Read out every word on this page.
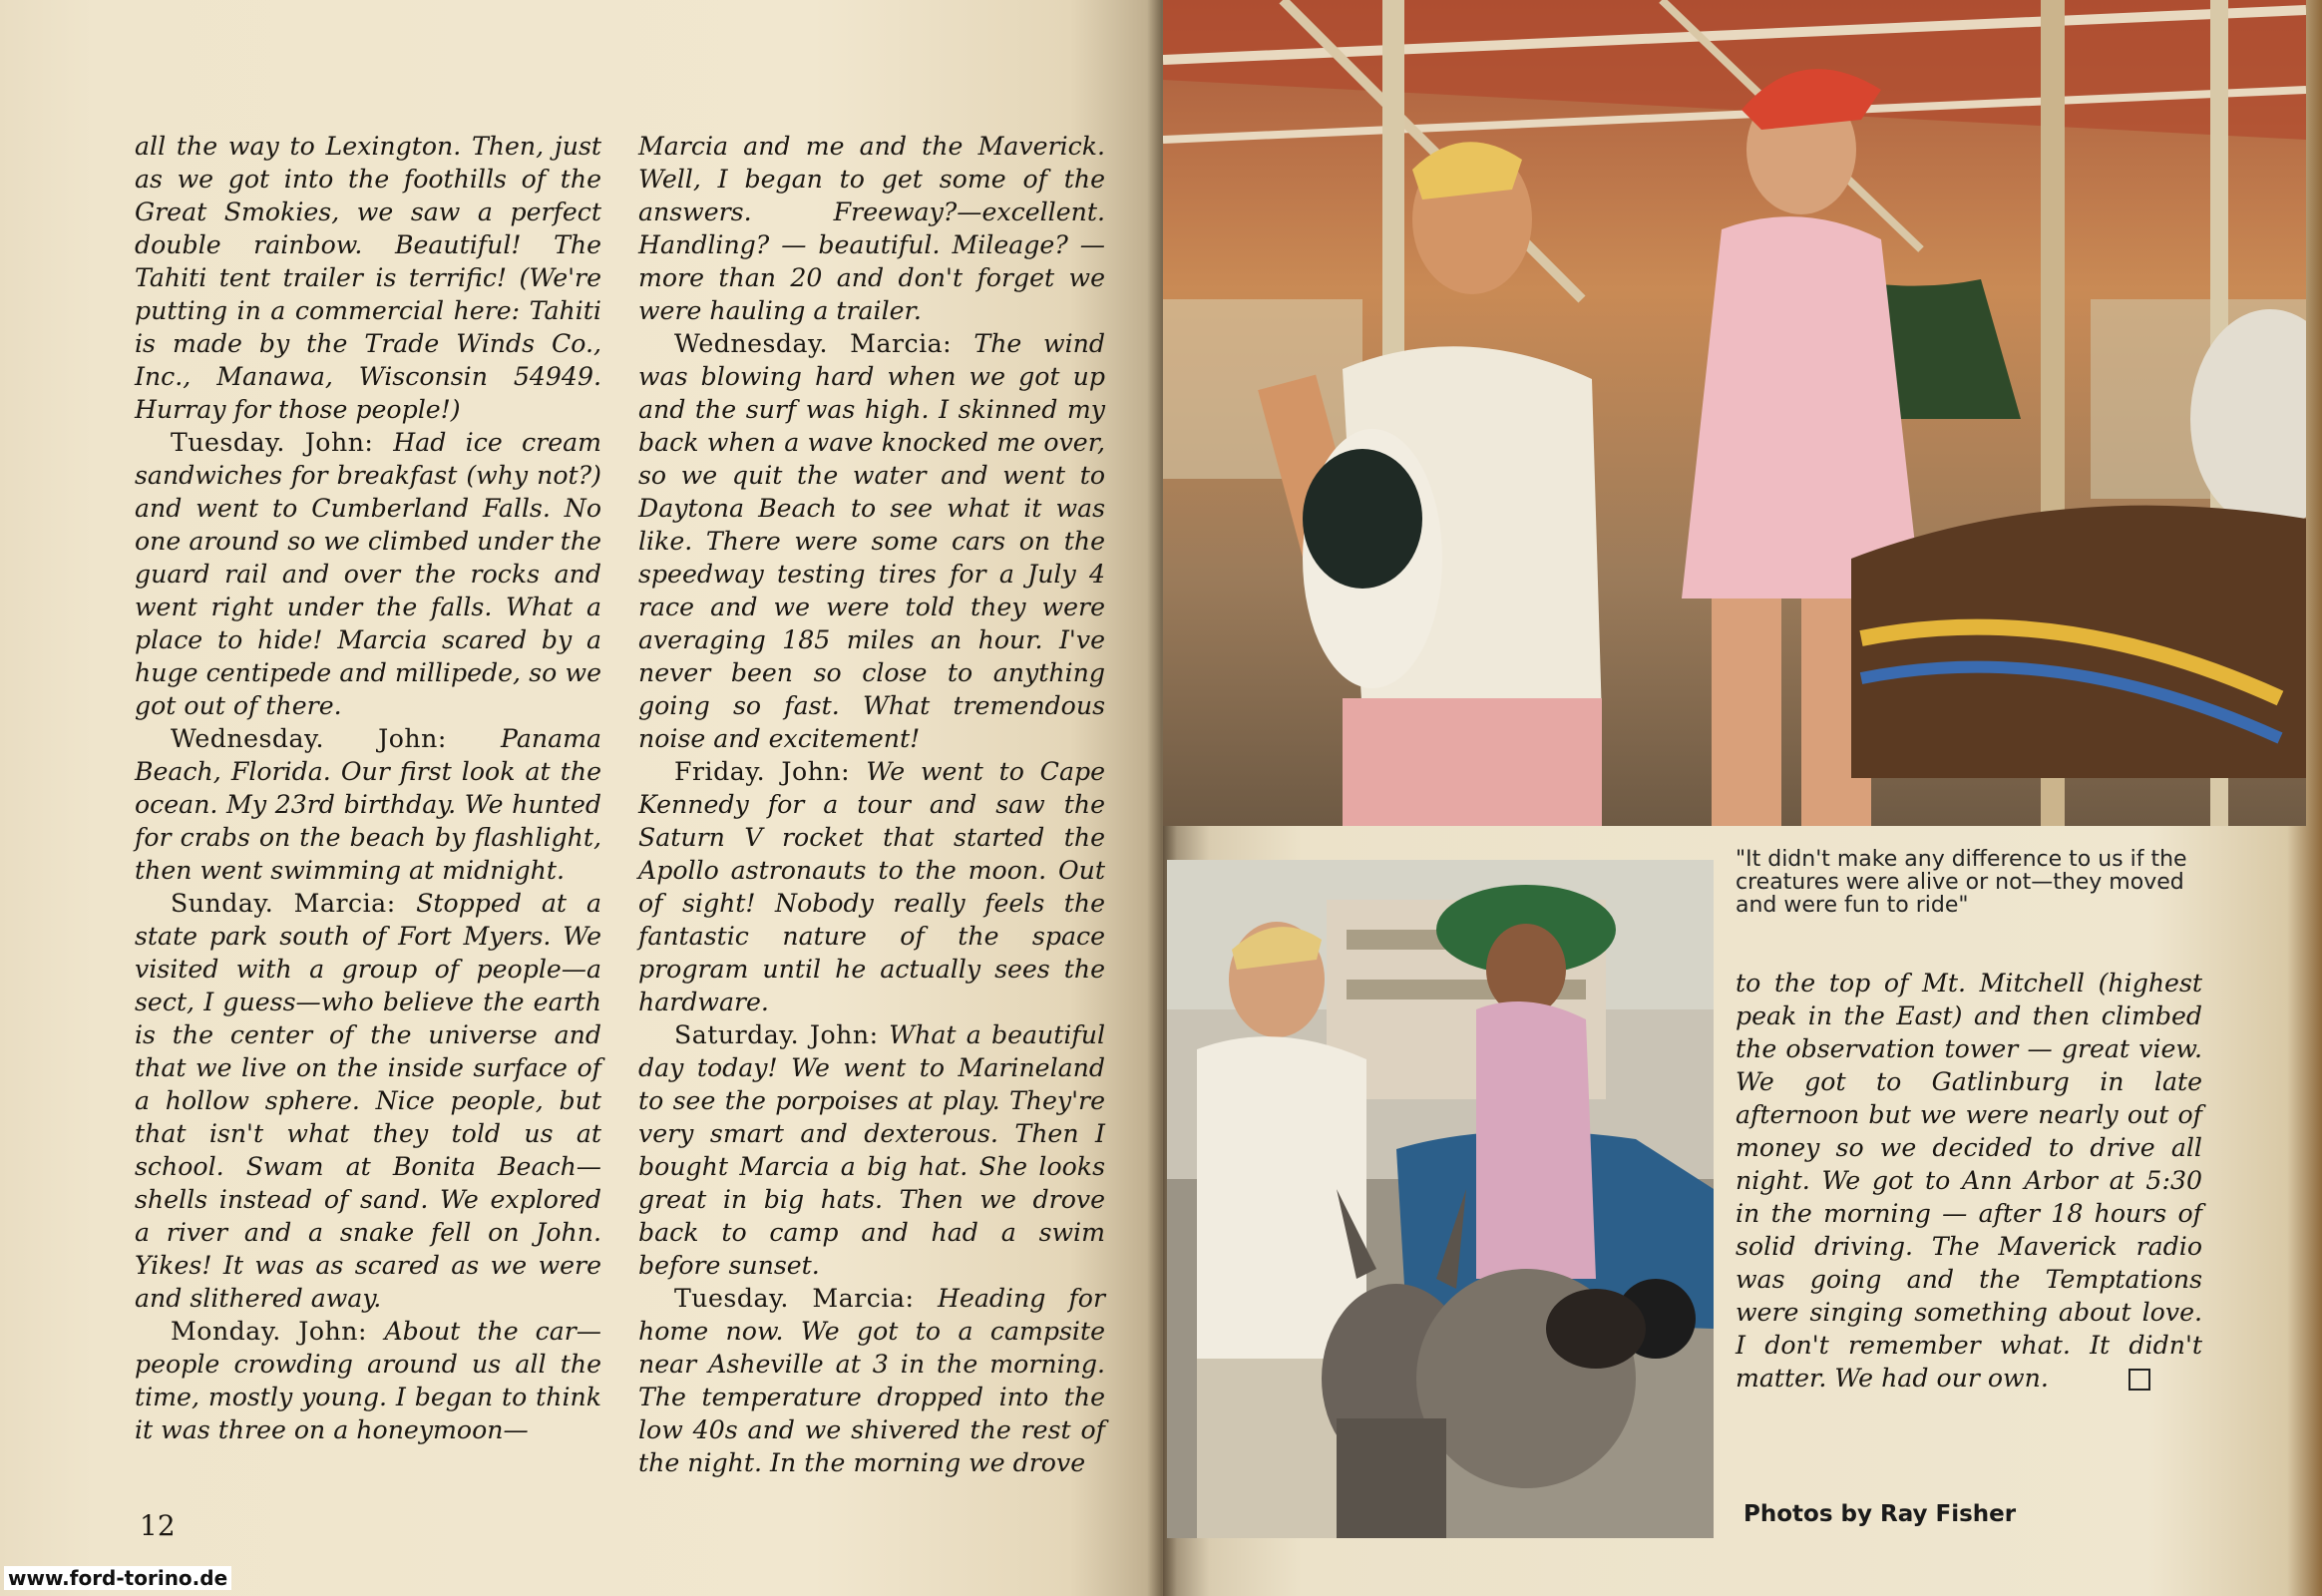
all the way to Lexington. Then, just as we got into the foothills of the Great Smokies, we saw a perfect double rainbow. Beautiful! The Tahiti tent trailer is terrific! (We're putting in a commercial here: Tahiti is made by the Trade Winds Co., Inc., Manawa, Wisconsin 54949. Hurray for those people!)

Tuesday. John: Had ice cream sandwiches for breakfast (why not?) and went to Cumberland Falls. No one around so we climbed under the guard rail and over the rocks and went right under the falls. What a place to hide! Marcia scared by a huge centipede and millipede, so we got out of there.

Wednesday. John: Panama Beach, Florida. Our first look at the ocean. My 23rd birthday. We hunted for crabs on the beach by flashlight, then went swimming at midnight.

Sunday. Marcia: Stopped at a state park south of Fort Myers. We visited with a group of people—a sect, I guess—who believe the earth is the center of the universe and that we live on the inside surface of a hollow sphere. Nice people, but that isn't what they told us at school. Swam at Bonita Beach—shells instead of sand. We explored a river and a snake fell on John. Yikes! It was as scared as we were and slithered away.

Monday. John: About the car—people crowding around us all the time, mostly young. I began to think it was three on a honeymoon—

Marcia and me and the Maverick. Well, I began to get some of the answers. Freeway?—excellent. Handling? — beautiful. Mileage? — more than 20 and don't forget we were hauling a trailer.

Wednesday. Marcia: The wind was blowing hard when we got up and the surf was high. I skinned my back when a wave knocked me over, so we quit the water and went to Daytona Beach to see what it was like. There were some cars on the speedway testing tires for a July 4 race and we were told they were averaging 185 miles an hour. I've never been so close to anything going so fast. What tremendous noise and excitement!

Friday. John: We went to Cape Kennedy for a tour and saw the Saturn V rocket that started the Apollo astronauts to the moon. Out of sight! Nobody really feels the fantastic nature of the space program until he actually sees the hardware.

Saturday. John: What a beautiful day today! We went to Marineland to see the porpoises at play. They're very smart and dexterous. Then I bought Marcia a big hat. She looks great in big hats. Then we drove back to camp and had a swim before sunset.

Tuesday. Marcia: Heading for home now. We got to a campsite near Asheville at 3 in the morning. The temperature dropped into the low 40s and we shivered the rest of the night. In the morning we drove

12
www.ford-torino.de
"It didn't make any difference to us if the creatures were alive or not—they moved and were fun to ride"

to the top of Mt. Mitchell (highest peak in the East) and then climbed the observation tower — great view. We got to Gatlinburg in late afternoon but we were nearly out of money so we decided to drive all night. We got to Ann Arbor at 5:30 in the morning — after 18 hours of solid driving. The Maverick radio was going and the Temptations were singing something about love. I don't remember what. It didn't matter. We had our own.

Photos by Ray Fisher
